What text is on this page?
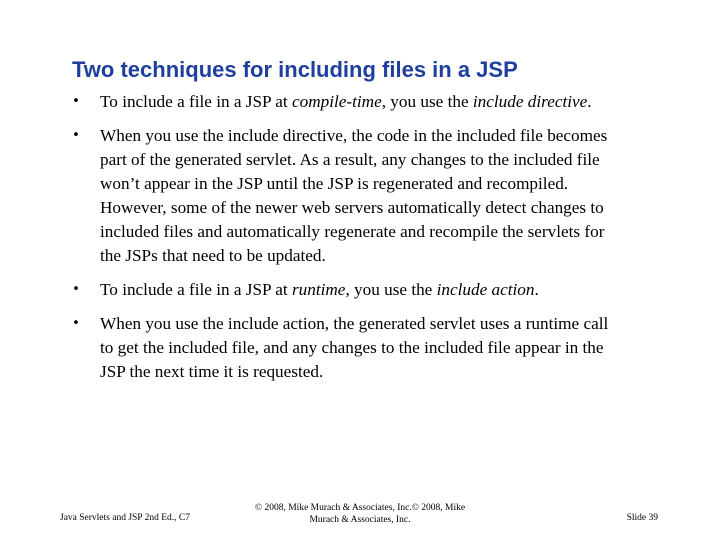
Two techniques for including files in a JSP
• To include a file in a JSP at compile-time, you use the include directive.
• When you use the include directive, the code in the included file becomes part of the generated servlet. As a result, any changes to the included file won’t appear in the JSP until the JSP is regenerated and recompiled. However, some of the newer web servers automatically detect changes to included files and automatically regenerate and recompile the servlets for the JSPs that need to be updated.
• To include a file in a JSP at runtime, you use the include action.
• When you use the include action, the generated servlet uses a runtime call to get the included file, and any changes to the included file appear in the JSP the next time it is requested.
Java Servlets and JSP 2nd Ed., C7
© 2008, Mike Murach & Associates, Inc.© 2008, Mike Murach & Associates, Inc.	Slide 39
